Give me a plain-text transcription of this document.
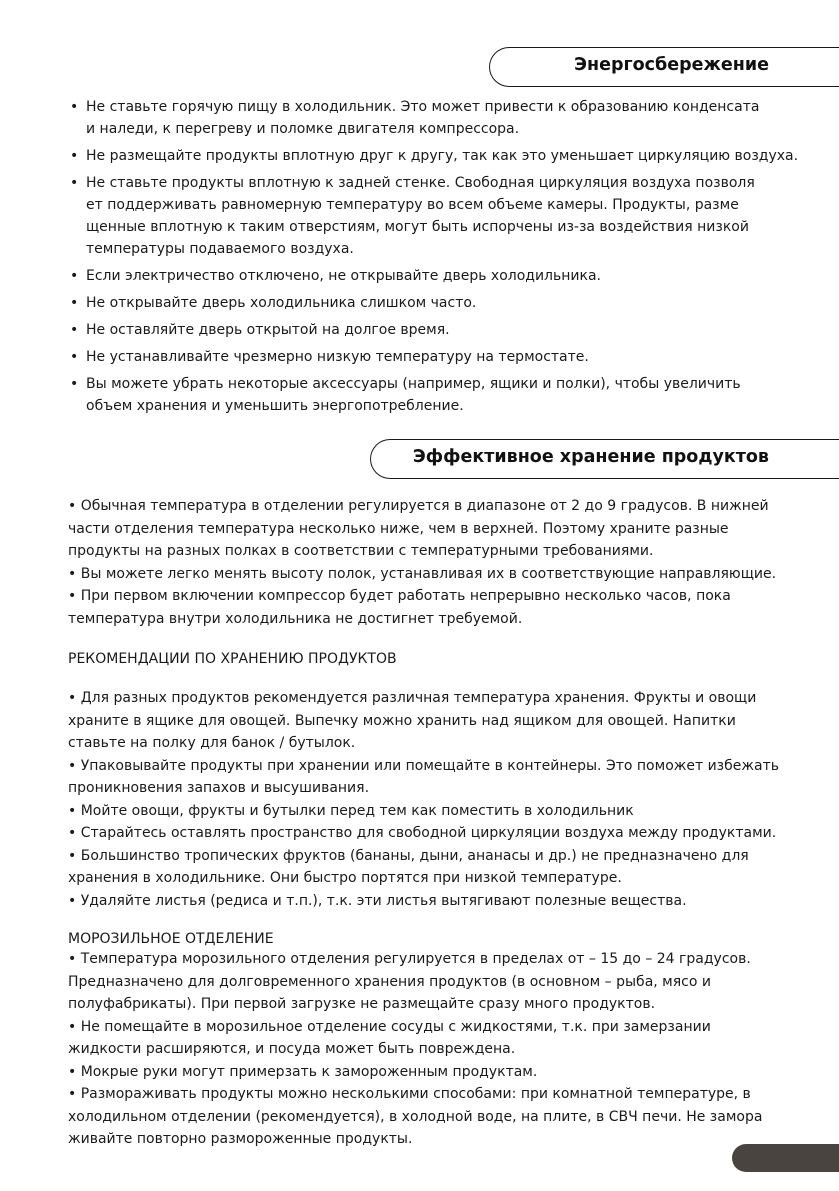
Энергосбережение
• Не ставьте горячую пищу в холодильник. Это может привести к образованию конденсата
и наледи, к перегреву и поломке двигателя компрессора.
• Не размещайте продукты вплотную друг к другу, так как это уменьшает циркуляцию воздуха.
• Не ставьте продукты вплотную к задней стенке. Свободная циркуляция воздуха позволя
ет поддерживать равномерную температуру во всем объеме камеры. Продукты, разме
щенные вплотную к таким отверстиям, могут быть испорчены из-за воздействия низкой
температуры подаваемого воздуха.
• Если электричество отключено, не открывайте дверь холодильника.
• Не открывайте дверь холодильника слишком часто.
• Не оставляйте дверь открытой на долгое время.
• Не устанавливайте чрезмерно низкую температуру на термостате.
• Вы можете убрать некоторые аксессуары (например, ящики и полки), чтобы увеличить
объем хранения и уменьшить энергопотребление.
Эффективное хранение продуктов
• Обычная температура в отделении регулируется в диапазоне от 2 до 9 градусов. В нижней
части отделения температура несколько ниже, чем в верхней. Поэтому храните разные
продукты на разных полках в соответствии с температурными требованиями.
• Вы можете легко менять высоту полок, устанавливая их в соответствующие направляющие.
• При первом включении компрессор будет работать непрерывно несколько часов, пока
температура внутри холодильника не достигнет требуемой.
РЕКОМЕНДАЦИИ ПО ХРАНЕНИЮ ПРОДУКТОВ
• Для разных продуктов рекомендуется различная температура хранения. Фрукты и овощи
храните в ящике для овощей. Выпечку можно хранить над ящиком для овощей. Напитки
ставьте на полку для банок / бутылок.
• Упаковывайте продукты при хранении или помещайте в контейнеры. Это поможет избежать
проникновения запахов и высушивания.
• Мойте овощи, фрукты и бутылки перед тем как поместить в холодильник
• Старайтесь оставлять пространство для свободной циркуляции воздуха между продуктами.
• Большинство тропических фруктов (бананы, дыни, ананасы и др.) не предназначено для
хранения в холодильнике. Они быстро портятся при низкой температуре.
• Удаляйте листья (редиса и т.п.), т.к. эти листья вытягивают полезные вещества.
МОРОЗИЛЬНОЕ ОТДЕЛЕНИЕ
• Температура морозильного отделения регулируется в пределах от – 15 до – 24 градусов.
Предназначено для долговременного хранения продуктов (в основном – рыба, мясо и
полуфабрикаты). При первой загрузке не размещайте сразу много продуктов.
• Не помещайте в морозильное отделение сосуды с жидкостями, т.к. при замерзании
жидкости расширяются, и посуда может быть повреждена.
• Мокрые руки могут примерзать к замороженным продуктам.
• Размораживать продукты можно несколькими способами: при комнатной температуре, в
холодильном отделении (рекомендуется), в холодной воде, на плите, в СВЧ печи. Не замора
живайте повторно размороженные продукты.
